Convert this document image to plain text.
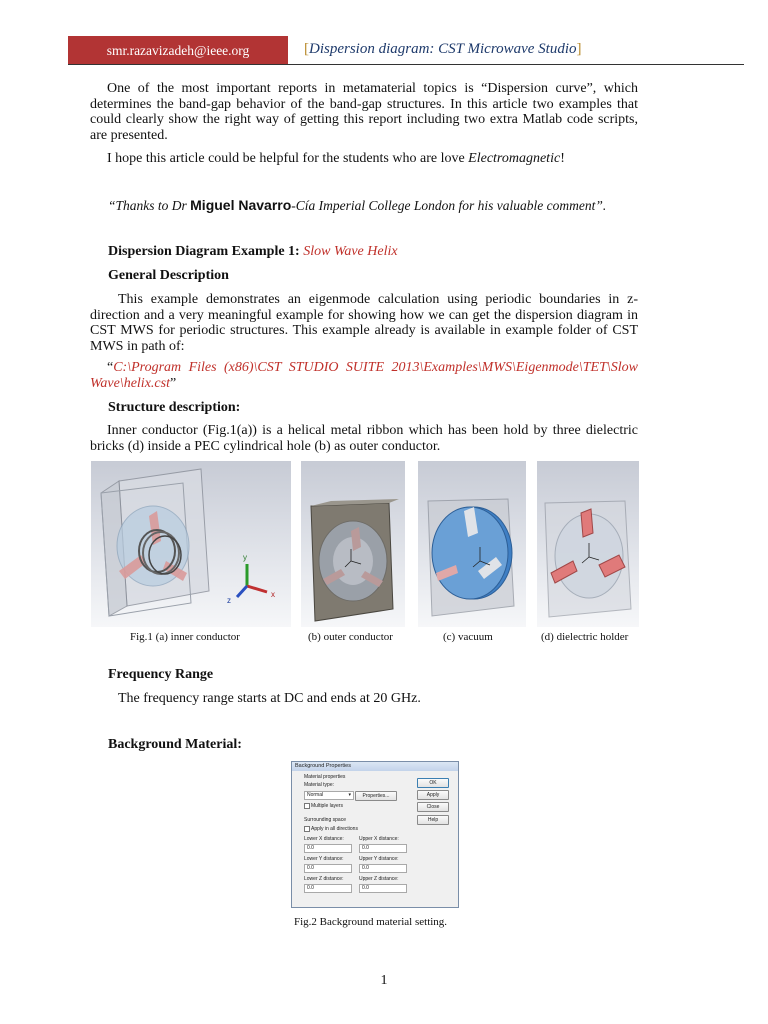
smr.razavizadeh@ieee.org	[Dispersion diagram: CST Microwave Studio]
One of the most important reports in metamaterial topics is “Dispersion curve”, which determines the band-gap behavior of the band-gap structures. In this article two examples that could clearly show the right way of getting this report including two extra Matlab code scripts, are presented.
I hope this article could be helpful for the students who are love Electromagnetic!
“Thanks to Dr Miguel Navarro-Cía Imperial College London for his valuable comment”.
Dispersion Diagram Example 1: Slow Wave Helix
General Description
This example demonstrates an eigenmode calculation using periodic boundaries in z-direction and a very meaningful example for showing how we can get the dispersion diagram in CST MWS for periodic structures. This example already is available in example folder of CST MWS in path of:
“C:\Program Files (x86)\CST STUDIO SUITE 2013\Examples\MWS\Eigenmode\TET\Slow Wave\helix.cst”
Structure description:
Inner conductor (Fig.1(a)) is a helical metal ribbon which has been hold by three dielectric bricks (d) inside a PEC cylindrical hole (b) as outer conductor.
y
x
z
Fig.1 (a) inner conductor	(b) outer conductor	(c) vacuum	(d) dielectric holder
Frequency Range
The frequency range starts at DC and ends at 20 GHz.
Background Material:
Background Properties
Material properties
Material type:
Normal	▾	Properties...
Multiple layers
Surrounding space
Apply in all directions
Lower X distance:	Upper X distance:
0.0	0.0
Lower Y distance:	Upper Y distance:
0.0	0.0
Lower Z distance:	Upper Z distance:
0.0	0.0
OK
Apply
Close
Help
Fig.2 Background material setting.
1
